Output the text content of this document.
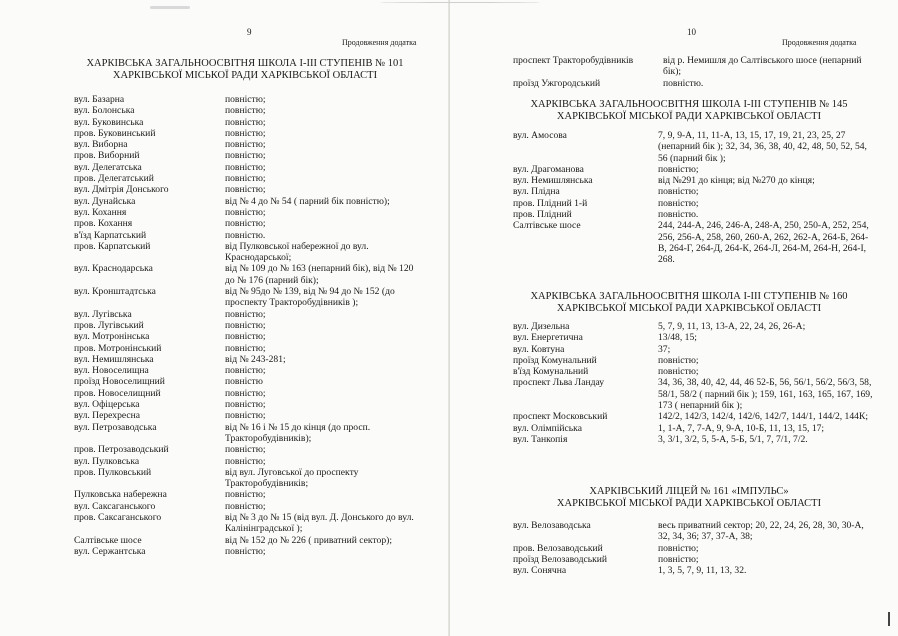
9
Продовження додатка
ХАРКІВСЬКА ЗАГАЛЬНООСВІТНЯ ШКОЛА І-ІІІ СТУПЕНІВ № 101
ХАРКІВСЬКОЇ МІСЬКОЇ РАДИ ХАРКІВСЬКОЇ ОБЛАСТІ
вул. Базарна	повністю;
вул. Болонська	повністю;
вул. Буковинська	повністю;
пров. Буковинський	повністю;
вул. Виборна	повністю;
пров. Виборний	повністю;
вул. Делегатська	повністю;
пров. Делегатський	повністю;
вул. Дмітрія Донського	повністю;
вул. Дунайська	від № 4 до № 54 ( парний бік повністю);
вул. Кохання	повністю;
пров. Кохання	повністю;
в'їзд Карпатський	повністю.
пров. Карпатський	від Пулковської набережної до вул. Краснодарської;
вул. Краснодарська	від № 109 до № 163 (непарний бік), від № 120 до № 176 (парний бік);
вул. Кронштадтська	від № 95до № 139, від № 94 до № 152 (до проспекту Тракторобудівників );
вул. Лугівська	повністю;
пров. Лугівський	повністю;
вул. Мотронінська	повністю;
пров. Мотронінський	повністю;
вул. Немишлянська	від № 243-281;
вул. Новоселищна	повністю;
проїзд Новоселищний	повністю
пров. Новоселищний	повністю;
вул. Офіцерська	повністю;
вул. Перехресна	повністю;
вул. Петрозаводська	від № 16 і № 15 до кінця (до просп. Тракторобудівників);
пров. Петрозаводський	повністю;
вул. Пулковська	повністю;
пров. Пулковський	від вул. Луговської до проспекту Тракторобудівників;
Пулковська набережна	повністю;
вул. Саксаганського	повністю;
пров. Саксаганського	від № 3 до № 15 (від вул. Д. Донського до вул. Калінінградської );
Салтівське шосе	від № 152 до № 226 ( приватний сектор);
вул. Сержантська	повністю;
10
Продовження додатка
проспект Тракторобудівників	від р. Немишля до Салтівського шосе (непарний бік);
проїзд Ужгородський	повністю.
ХАРКІВСЬКА ЗАГАЛЬНООСВІТНЯ ШКОЛА І-ІІІ СТУПЕНІВ № 145
ХАРКІВСЬКОЇ МІСЬКОЇ РАДИ ХАРКІВСЬКОЇ ОБЛАСТІ
вул. Амосова	7, 9, 9-А, 11, 11-А, 13, 15, 17, 19, 21, 23, 25, 27 (непарний бік ); 32, 34, 36, 38, 40, 42, 48, 50, 52, 54, 56 (парний бік );
вул. Драгоманова	повністю;
вул. Немишлянська	від №291 до кінця; від №270 до кінця;
вул. Плідна	повністю;
пров. Плідний 1-й	повністю;
пров. Плідний	повністю.
Салтівське шосе	244, 244-А, 246, 246-А, 248-А, 250, 250-А, 252, 254, 256, 256-А, 258, 260, 260-А, 262, 262-А, 264-Б, 264-В, 264-Г, 264-Д, 264-К, 264-Л, 264-М, 264-Н, 264-І, 268.
ХАРКІВСЬКА ЗАГАЛЬНООСВІТНЯ ШКОЛА І-ІІІ СТУПЕНІВ № 160
ХАРКІВСЬКОЇ МІСЬКОЇ РАДИ ХАРКІВСЬКОЇ ОБЛАСТІ
вул. Дизельна	5, 7, 9, 11, 13, 13-А, 22, 24, 26, 26-А;
вул. Енергетична	13/48, 15;
вул. Ковтуна	37;
проїзд Комунальний	повністю;
в'їзд Комунальний	повністю;
проспект Льва Ландау	34, 36, 38, 40, 42, 44, 46 52-Б, 56, 56/1, 56/2, 56/3, 58, 58/1, 58/2 ( парний бік ); 159, 161, 163, 165, 167, 169, 173 ( непарний бік );
проспект Московський	142/2, 142/3, 142/4, 142/6, 142/7, 144/1, 144/2, 144К;
вул. Олімпійська	1, 1-А, 7, 7-А, 9, 9-А, 10-Б, 11, 13, 15, 17;
вул. Танкопія	3, 3/1, 3/2, 5, 5-А, 5-Б, 5/1, 7, 7/1, 7/2.
ХАРКІВСЬКИЙ ЛІЦЕЙ № 161 «ІМПУЛЬС»
ХАРКІВСЬКОЇ МІСЬКОЇ РАДИ ХАРКІВСЬКОЇ ОБЛАСТІ
вул. Велозаводська	весь приватний сектор; 20, 22, 24, 26, 28, 30, 30-А, 32, 34, 36; 37, 37-А, 38;
пров. Велозаводський	повністю;
проїзд Велозаводський	повністю;
вул. Сонячна	1, 3, 5, 7, 9, 11, 13, 32.
